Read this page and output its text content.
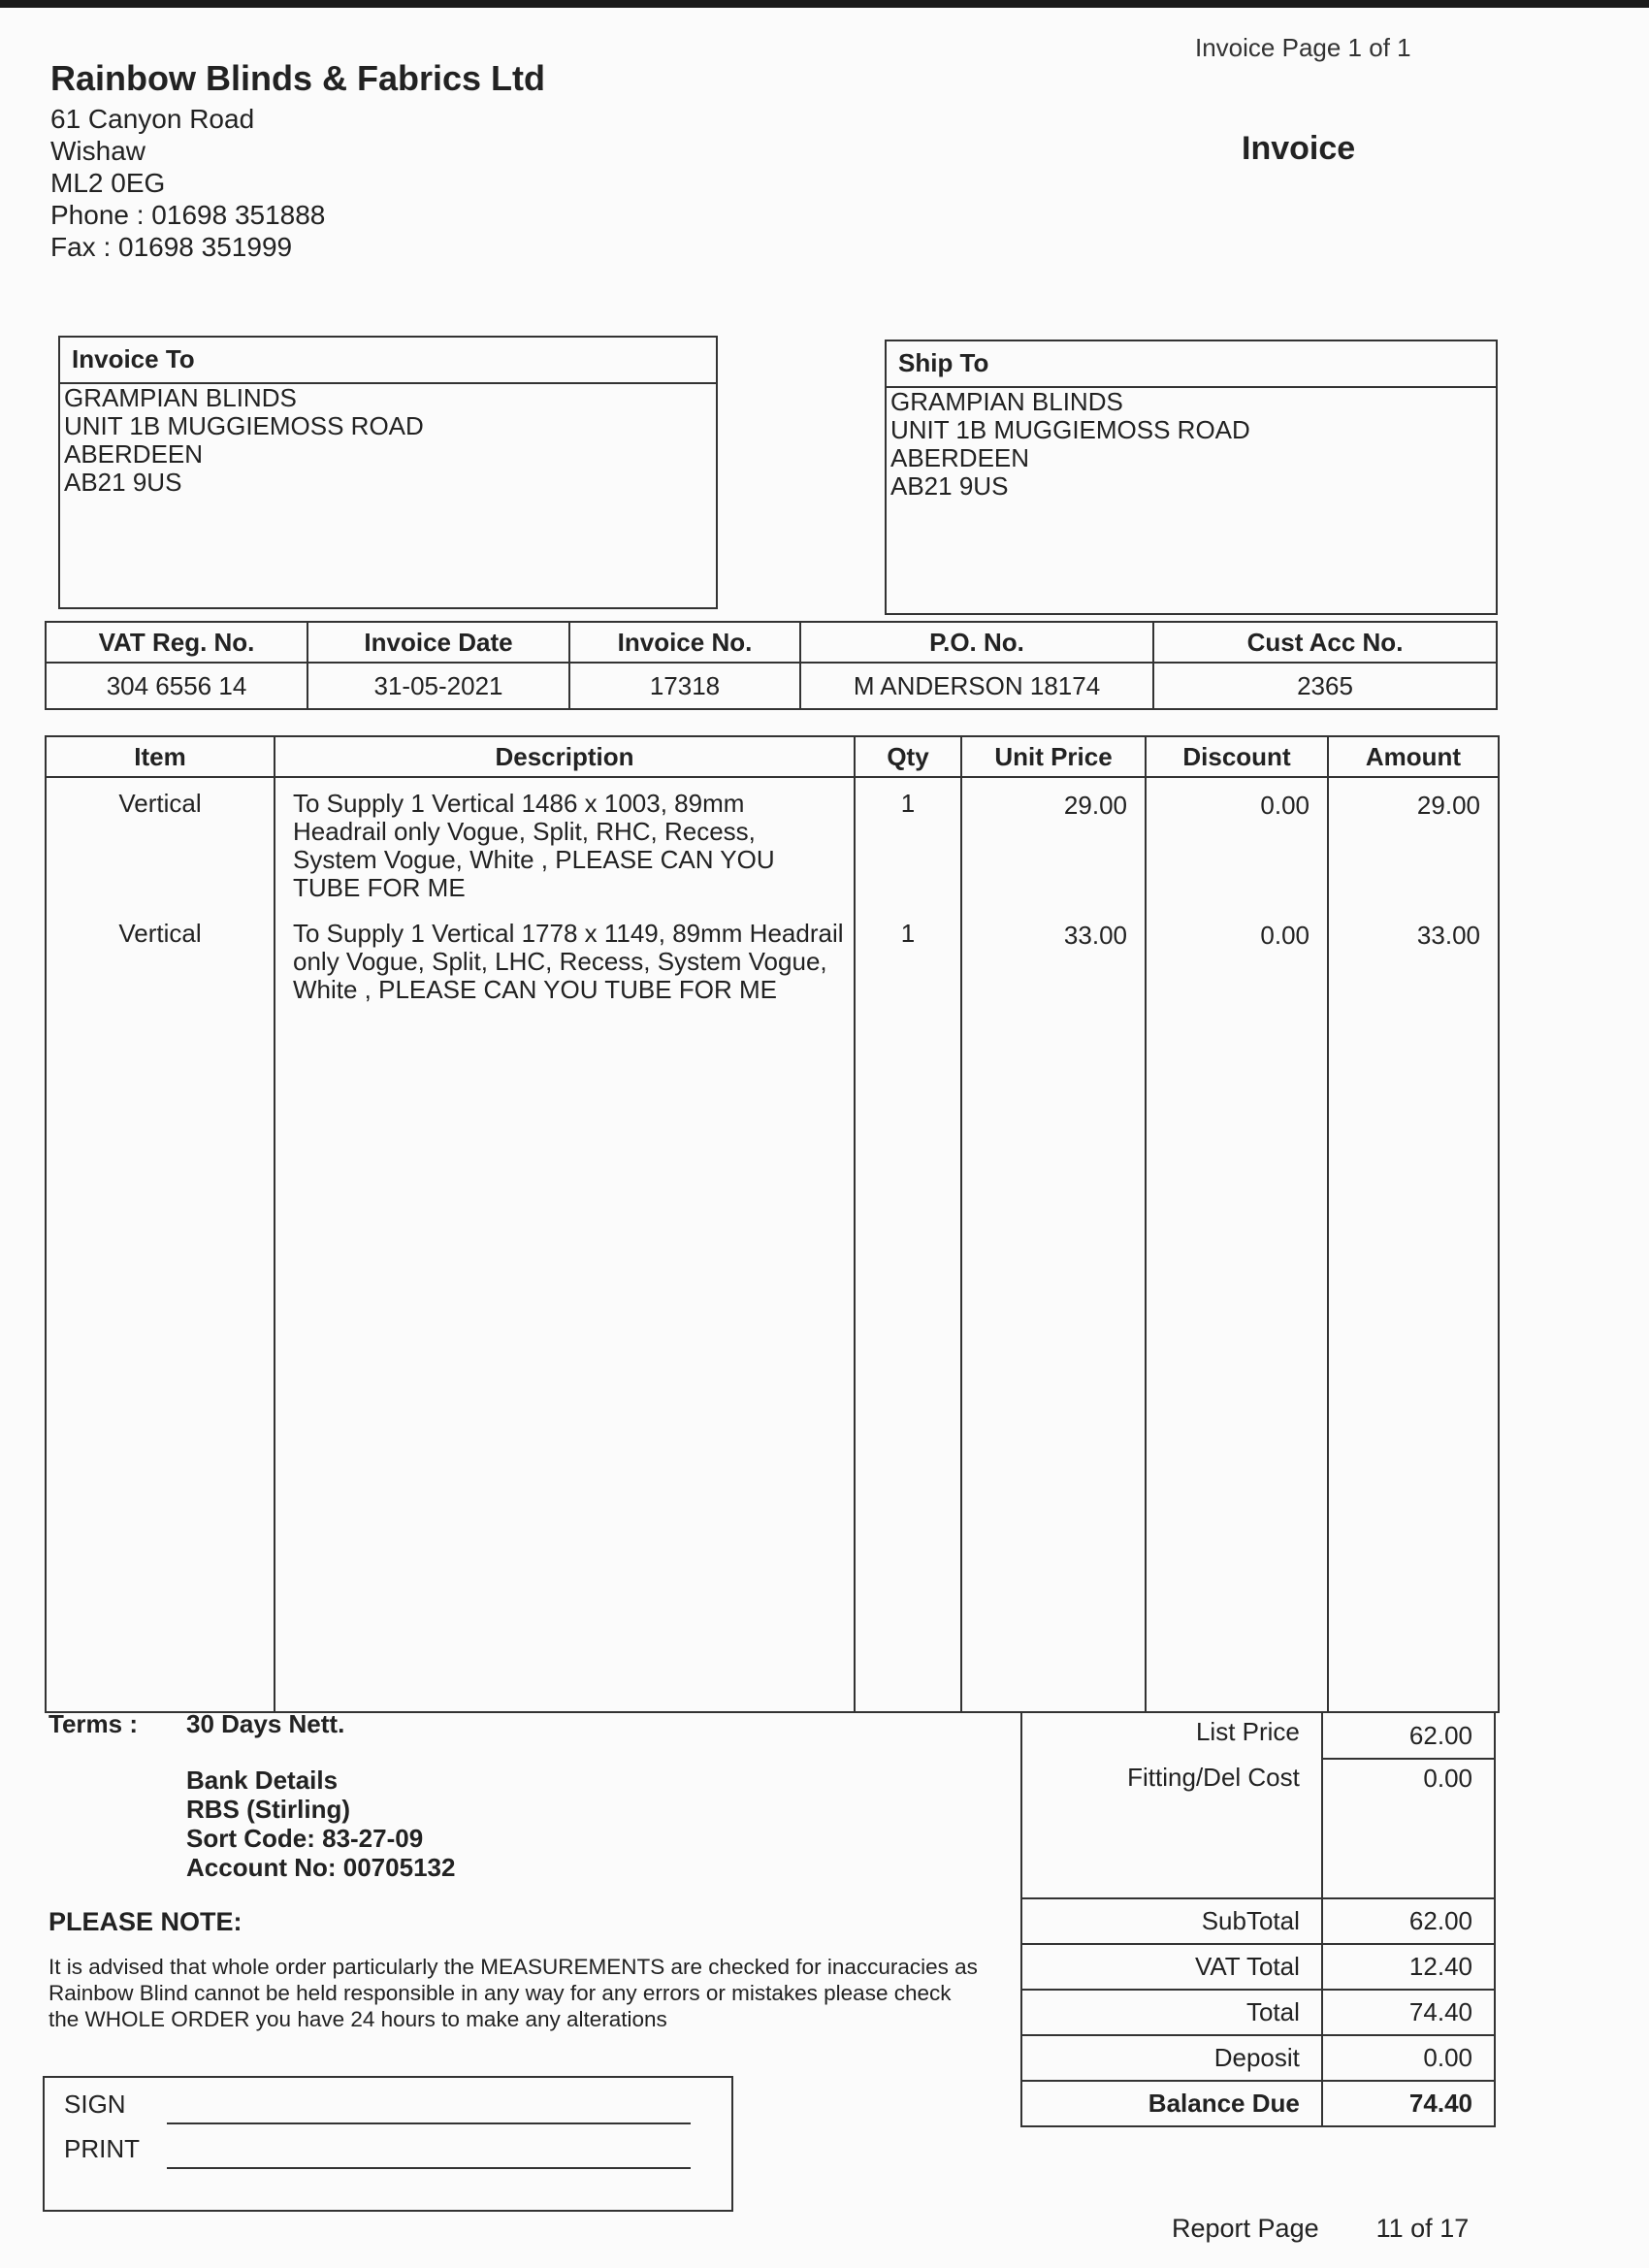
Invoice Page 1 of 1
Rainbow Blinds & Fabrics Ltd
61 Canyon Road
Wishaw
ML2 0EG
Phone : 01698 351888
Fax : 01698 351999
Invoice
Invoice To
GRAMPIAN BLINDS
UNIT 1B MUGGIEMOSS ROAD
ABERDEEN
AB21 9US
Ship To
GRAMPIAN BLINDS
UNIT 1B MUGGIEMOSS ROAD
ABERDEEN
AB21 9US
VAT Reg. No.	Invoice Date	Invoice No.	P.O. No.	Cust Acc No.
304 6556 14	31-05-2021	17318	M ANDERSON 18174	2365
Item	Description	Qty	Unit Price	Discount	Amount
Vertical	To Supply 1 Vertical 1486 x 1003, 89mm Headrail only Vogue, Split, RHC, Recess, System Vogue, White , PLEASE CAN YOU TUBE FOR ME	1	29.00	0.00	29.00
Vertical	To Supply 1 Vertical 1778 x 1149, 89mm Headrail only Vogue, Split, LHC, Recess, System Vogue, White , PLEASE CAN YOU TUBE FOR ME	1	33.00	0.00	33.00

Terms : 30 Days Nett.
Bank Details
RBS (Stirling)
Sort Code: 83-27-09
Account No: 00705132
PLEASE NOTE:
It is advised that whole order particularly the MEASUREMENTS are checked for inaccuracies as Rainbow Blind cannot be held responsible in any way for any errors or mistakes please check the WHOLE ORDER you have 24 hours to make any alterations
List Price	62.00
Fitting/Del Cost	0.00
SubTotal	62.00
VAT Total	12.40
Total	74.40
Deposit	0.00
Balance Due	74.40
SIGN
PRINT
Report Page 11 of 17
